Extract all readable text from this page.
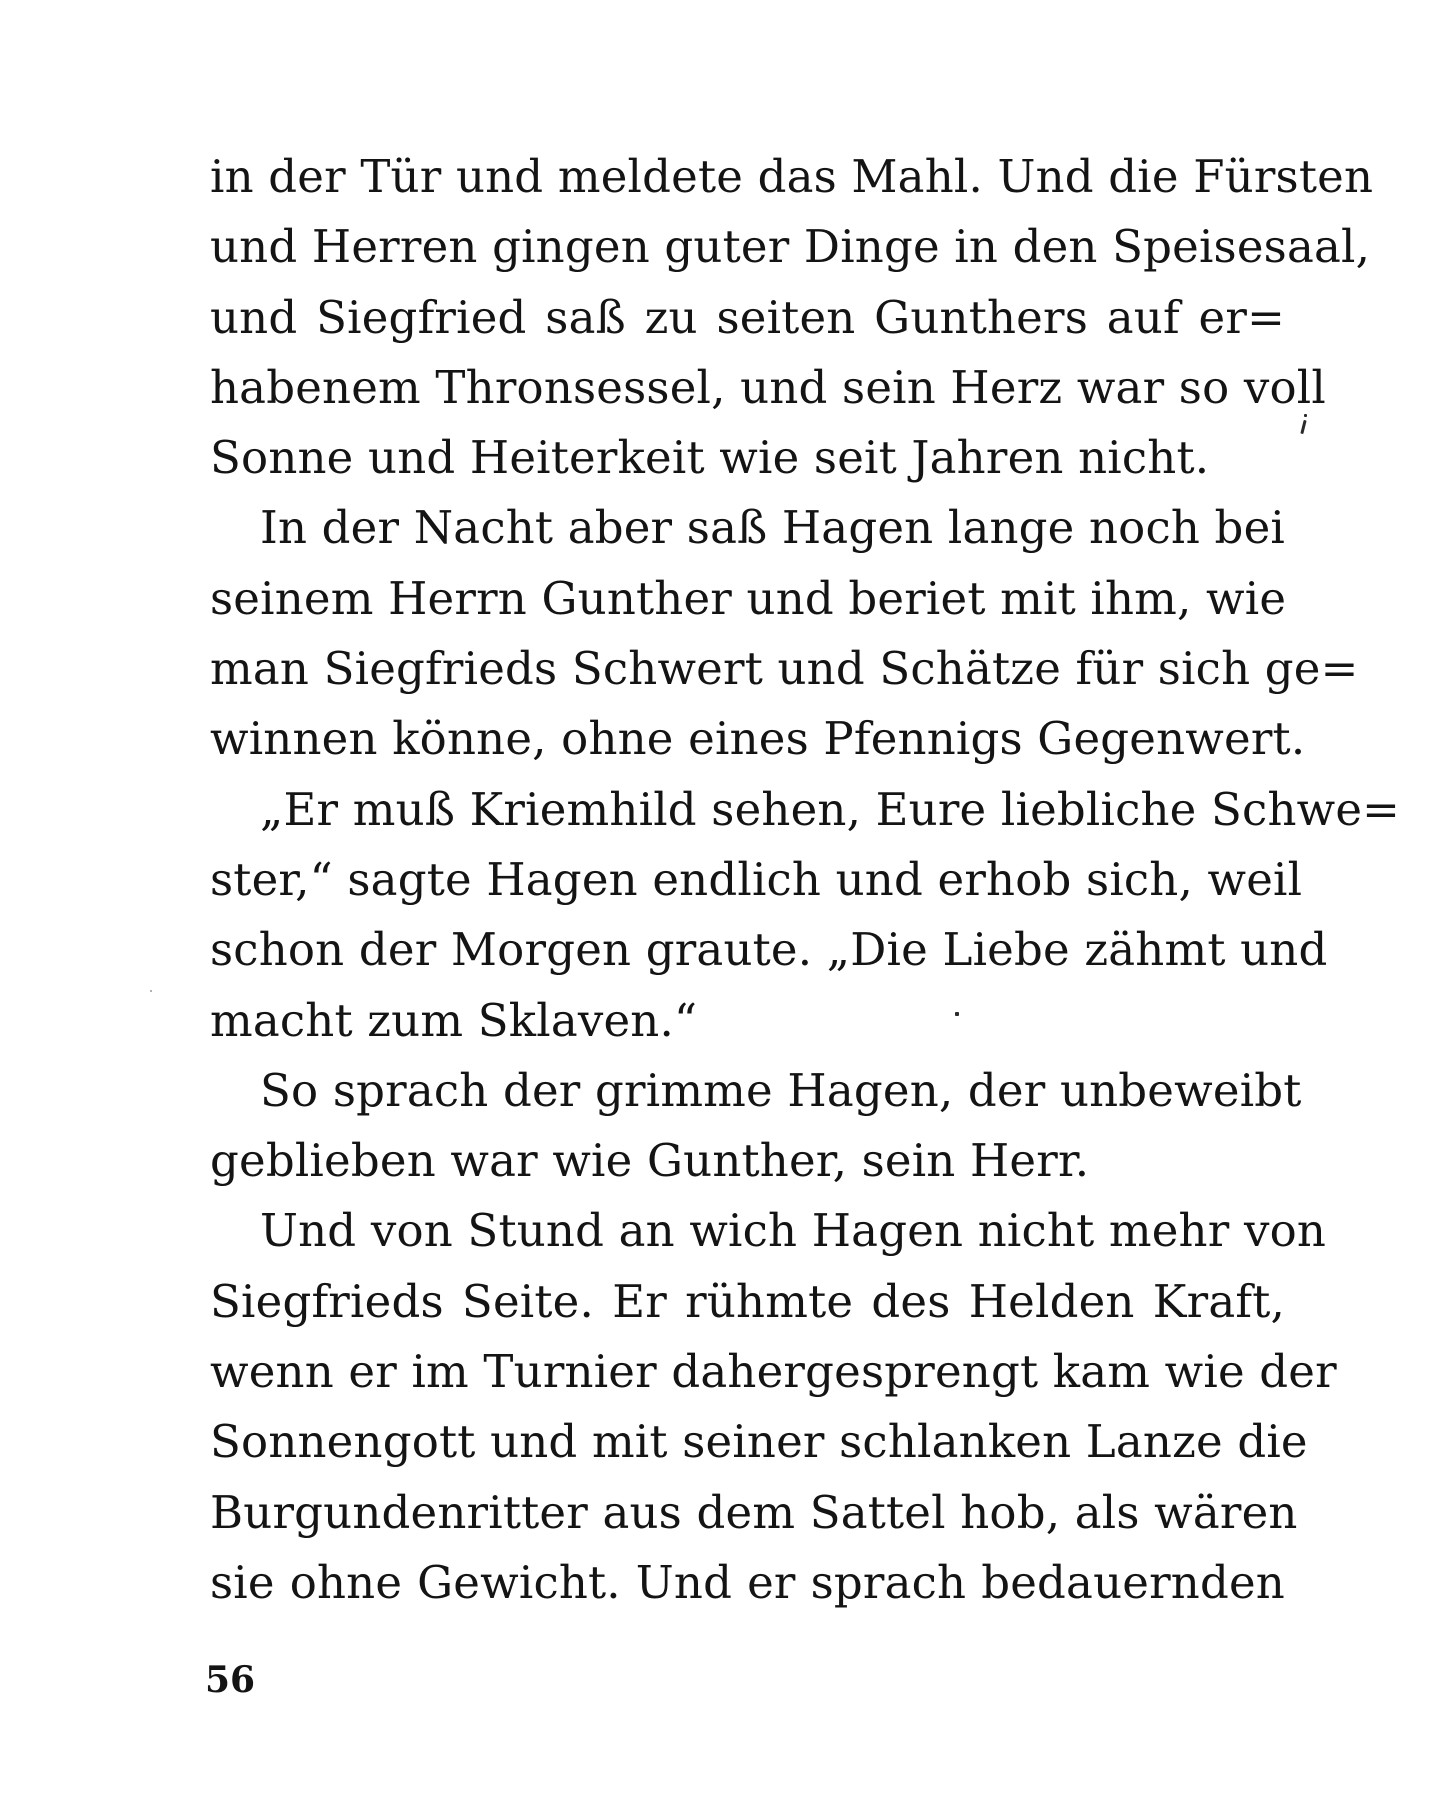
in der Tür und meldete das Mahl. Und die Fürsten
und Herren gingen guter Dinge in den Speisesaal,
und Siegfried saß zu seiten Gunthers auf er=
habenem Thronsessel, und sein Herz war so voll
Sonne und Heiterkeit wie seit Jahren nicht.
In der Nacht aber saß Hagen lange noch bei
seinem Herrn Gunther und beriet mit ihm, wie
man Siegfrieds Schwert und Schätze für sich ge=
winnen könne, ohne eines Pfennigs Gegenwert.
„Er muß Kriemhild sehen, Eure liebliche Schwe=
ster,“ sagte Hagen endlich und erhob sich, weil
schon der Morgen graute. „Die Liebe zähmt und
macht zum Sklaven.“
So sprach der grimme Hagen, der unbeweibt
geblieben war wie Gunther, sein Herr.
Und von Stund an wich Hagen nicht mehr von
Siegfrieds Seite. Er rühmte des Helden Kraft,
wenn er im Turnier dahergesprengt kam wie der
Sonnengott und mit seiner schlanken Lanze die
Burgundenritter aus dem Sattel hob, als wären
sie ohne Gewicht. Und er sprach bedauernden
56
